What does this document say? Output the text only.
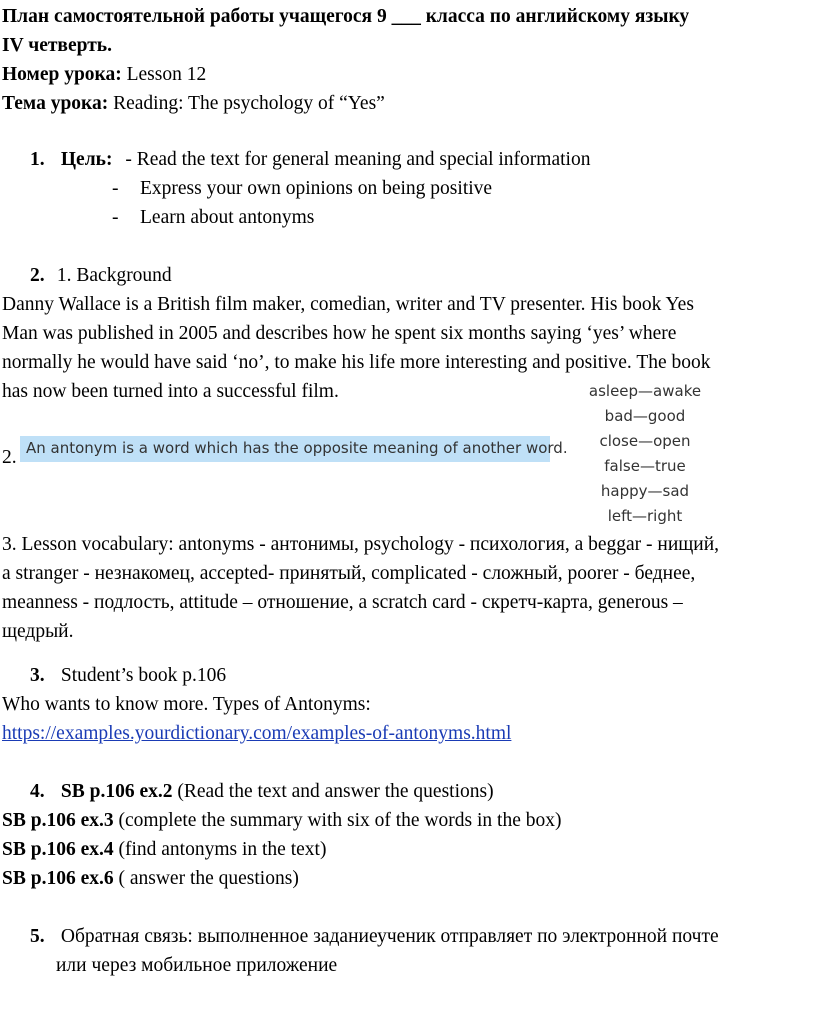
План самостоятельной работы учащегося 9 ___ класса по английскому языку
IV четверть.
Номер урока: Lesson 12
Тема урока: Reading: The psychology of “Yes”
1. Цель: - Read the text for general meaning and special information
- Express your own opinions on being positive
- Learn about antonyms
2. 1. Background
Danny Wallace is a British film maker, comedian, writer and TV presenter. His book Yes
Man was published in 2005 and describes how he spent six months saying ‘yes’ where
normally he would have said ‘no’, to make his life more interesting and positive. The book
has now been turned into a successful film.	asleep—awake
bad—good
close—open
false—true
happy—sad
left—right
2. An antonym is a word which has the opposite meaning of another word.
3. Lesson vocabulary: antonyms - антонимы, psychology - психология, a beggar - нищий,
a stranger - незнакомец, accepted- принятый, complicated - сложный, poorer - беднее,
meanness - подлость, attitude – отношение, a scratch card - скретч-карта, generous –
щедрый.
3. Student’s book p.106
Who wants to know more. Types of Antonyms:
https://examples.yourdictionary.com/examples-of-antonyms.html
4. SB p.106 ex.2 (Read the text and answer the questions)
SB p.106 ex.3 (complete the summary with six of the words in the box)
SB p.106 ex.4 (find antonyms in the text)
SB p.106 ex.6 ( answer the questions)
5. Обратная связь: выполненное заданиеученик отправляет по электронной почте
или через мобильное приложение
